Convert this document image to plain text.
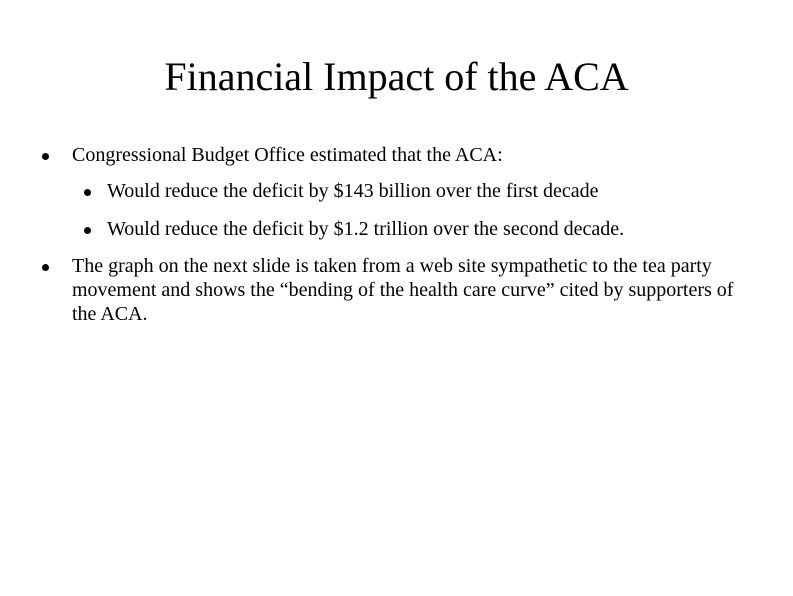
Financial Impact of the ACA
Congressional Budget Office estimated that the ACA:
Would reduce the deficit by $143 billion over the first decade
Would reduce the deficit by $1.2 trillion over the second decade.
The graph on the next slide is taken from a web site sympathetic to the tea party movement and shows the “bending of the health care curve” cited by supporters of the ACA.
